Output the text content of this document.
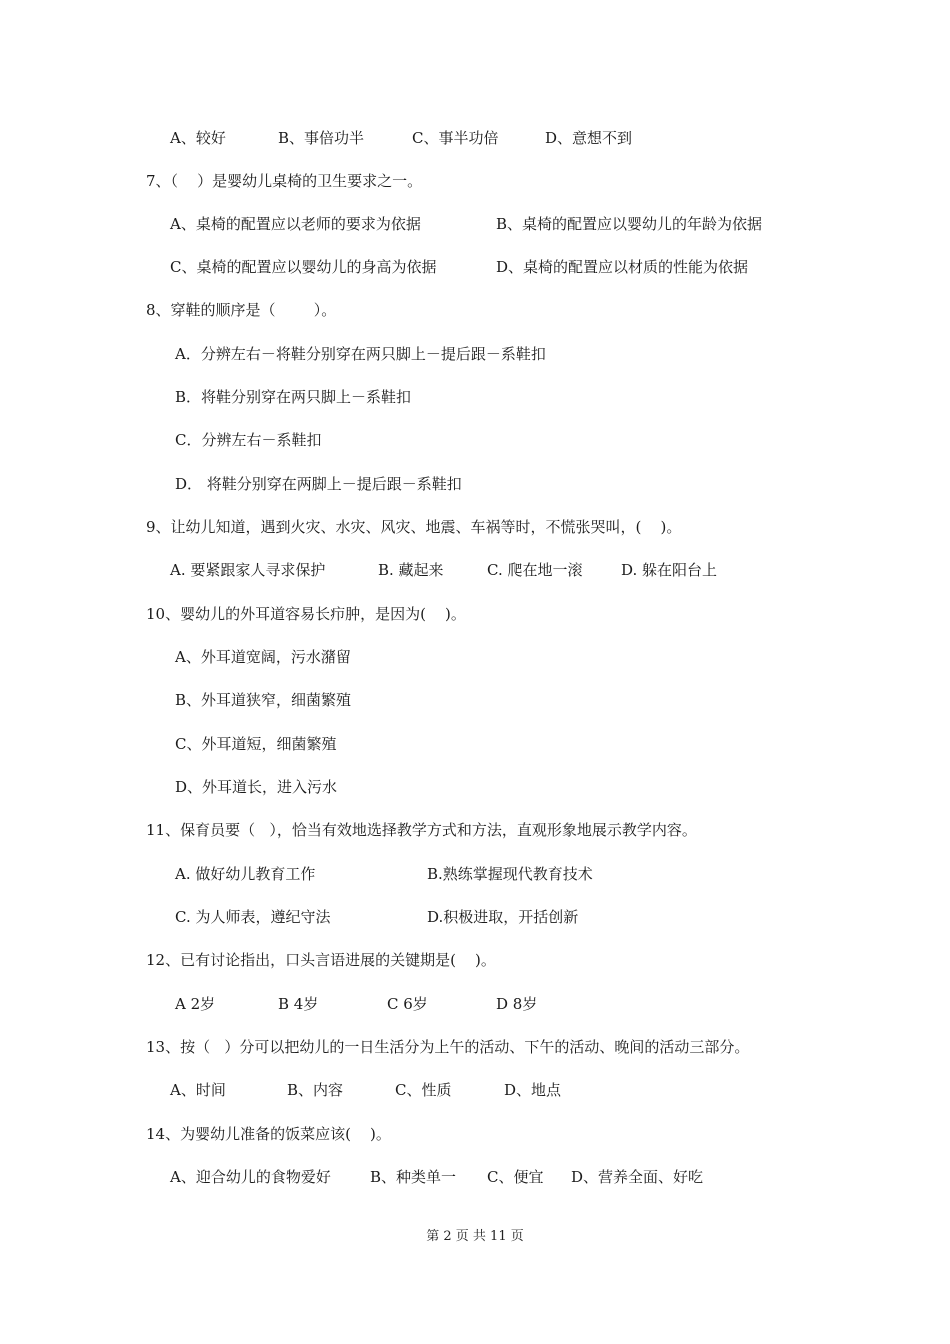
A、较好	B、事倍功半	C、事半功倍	D、意想不到
7、（    ）是婴幼儿桌椅的卫生要求之一。
A、桌椅的配置应以老师的要求为依据	B、桌椅的配置应以婴幼儿的年龄为依据
C、桌椅的配置应以婴幼儿的身高为依据	D、桌椅的配置应以材质的性能为依据
8、穿鞋的顺序是（        ）。
A．分辨左右－将鞋分别穿在两只脚上－提后跟－系鞋扣
B．将鞋分别穿在两只脚上－系鞋扣
C．分辨左右－系鞋扣
D． 将鞋分别穿在两脚上－提后跟－系鞋扣
9、让幼儿知道，遇到火灾、水灾、风灾、地震、车祸等时，不慌张哭叫，(    )。
A. 要紧跟家人寻求保护	B. 藏起来	C. 爬在地一滚	D. 躲在阳台上
10、婴幼儿的外耳道容易长疖肿，是因为(    )。
A、外耳道宽阔，污水潴留
B、外耳道狭窄，细菌繁殖
C、外耳道短，细菌繁殖
D、外耳道长，进入污水
11、保育员要（   ），恰当有效地选择教学方式和方法，直观形象地展示教学内容。
A. 做好幼儿教育工作	B.熟练掌握现代教育技术
C. 为人师表，遵纪守法	D.积极进取，开括创新
12、已有讨论指出，口头言语进展的关键期是(    )。
A 2岁	B 4岁	C 6岁	D 8岁
13、按（   ）分可以把幼儿的一日生活分为上午的活动、下午的活动、晚间的活动三部分。
A、时间	B、内容	C、性质	D、地点
14、为婴幼儿准备的饭菜应该(    )。
A、迎合幼儿的食物爱好	B、种类单一 C、便宜 D、营养全面、好吃
第 2 页 共 11 页
